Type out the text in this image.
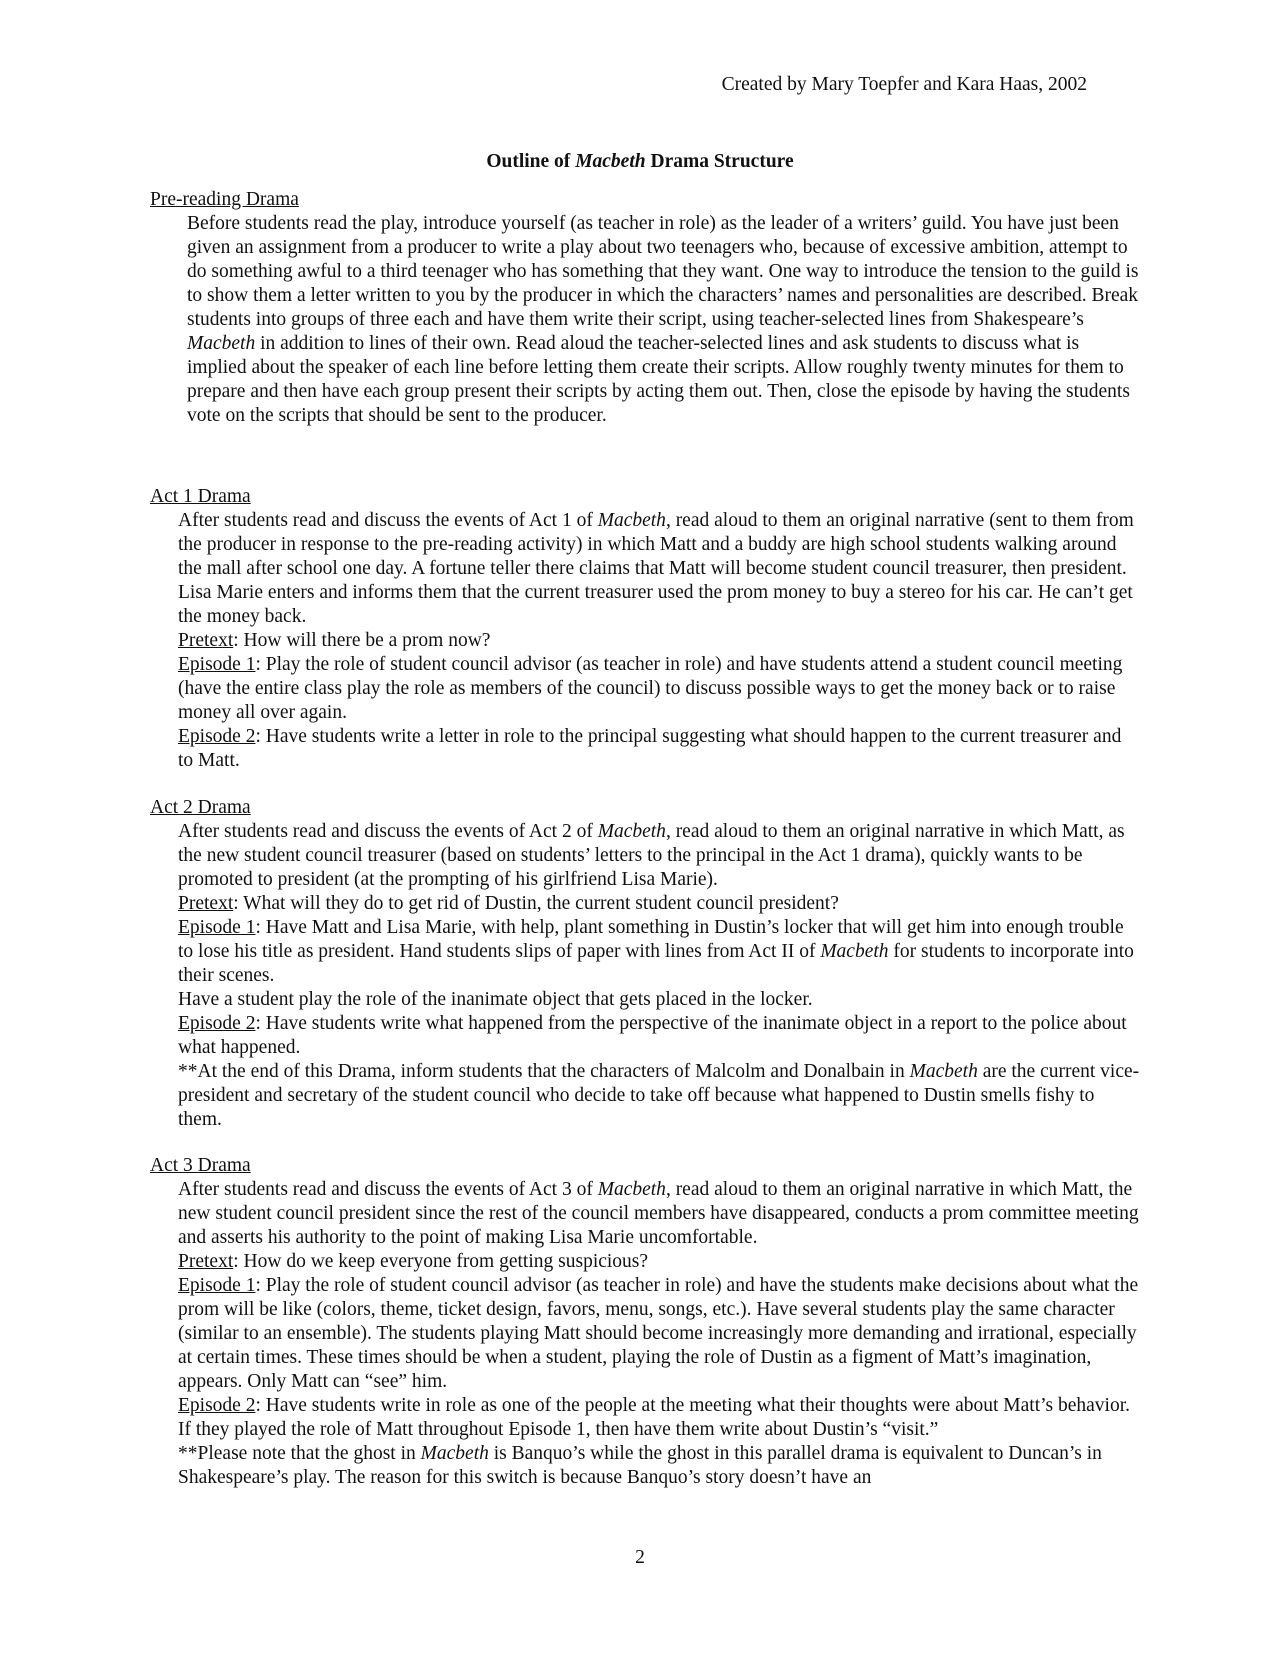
Created by Mary Toepfer and Kara Haas, 2002
Outline of Macbeth Drama Structure
Pre-reading Drama

Before students read the play, introduce yourself (as teacher in role) as the leader of a writers’ guild. You have just been given an assignment from a producer to write a play about two teenagers who, because of excessive ambition, attempt to do something awful to a third teenager who has something that they want. One way to introduce the tension to the guild is to show them a letter written to you by the producer in which the characters’ names and personalities are described. Break students into groups of three each and have them write their script, using teacher-selected lines from Shakespeare’s Macbeth in addition to lines of their own. Read aloud the teacher-selected lines and ask students to discuss what is implied about the speaker of each line before letting them create their scripts. Allow roughly twenty minutes for them to prepare and then have each group present their scripts by acting them out. Then, close the episode by having the students vote on the scripts that should be sent to the producer.

Act 1 Drama

After students read and discuss the events of Act 1 of Macbeth, read aloud to them an original narrative (sent to them from the producer in response to the pre-reading activity) in which Matt and a buddy are high school students walking around the mall after school one day. A fortune teller there claims that Matt will become student council treasurer, then president. Lisa Marie enters and informs them that the current treasurer used the prom money to buy a stereo for his car. He can’t get the money back.

Pretext: How will there be a prom now?

Episode 1: Play the role of student council advisor (as teacher in role) and have students attend a student council meeting (have the entire class play the role as members of the council) to discuss possible ways to get the money back or to raise money all over again.

Episode 2: Have students write a letter in role to the principal suggesting what should happen to the current treasurer and to Matt.

Act 2 Drama

After students read and discuss the events of Act 2 of Macbeth, read aloud to them an original narrative in which Matt, as the new student council treasurer (based on students’ letters to the principal in the Act 1 drama), quickly wants to be promoted to president (at the prompting of his girlfriend Lisa Marie).

Pretext: What will they do to get rid of Dustin, the current student council president?

Episode 1: Have Matt and Lisa Marie, with help, plant something in Dustin’s locker that will get him into enough trouble to lose his title as president. Hand students slips of paper with lines from Act II of Macbeth for students to incorporate into their scenes.

Have a student play the role of the inanimate object that gets placed in the locker.

Episode 2: Have students write what happened from the perspective of the inanimate object in a report to the police about what happened.

**At the end of this Drama, inform students that the characters of Malcolm and Donalbain in Macbeth are the current vice-president and secretary of the student council who decide to take off because what happened to Dustin smells fishy to them.

Act 3 Drama

After students read and discuss the events of Act 3 of Macbeth, read aloud to them an original narrative in which Matt, the new student council president since the rest of the council members have disappeared, conducts a prom committee meeting and asserts his authority to the point of making Lisa Marie uncomfortable.

Pretext: How do we keep everyone from getting suspicious?

Episode 1: Play the role of student council advisor (as teacher in role) and have the students make decisions about what the prom will be like (colors, theme, ticket design, favors, menu, songs, etc.). Have several students play the same character (similar to an ensemble). The students playing Matt should become increasingly more demanding and irrational, especially at certain times. These times should be when a student, playing the role of Dustin as a figment of Matt’s imagination, appears. Only Matt can “see” him.

Episode 2: Have students write in role as one of the people at the meeting what their thoughts were about Matt’s behavior. If they played the role of Matt throughout Episode 1, then have them write about Dustin’s “visit.”

**Please note that the ghost in Macbeth is Banquo’s while the ghost in this parallel drama is equivalent to Duncan’s in Shakespeare’s play. The reason for this switch is because Banquo’s story doesn’t have an

2
